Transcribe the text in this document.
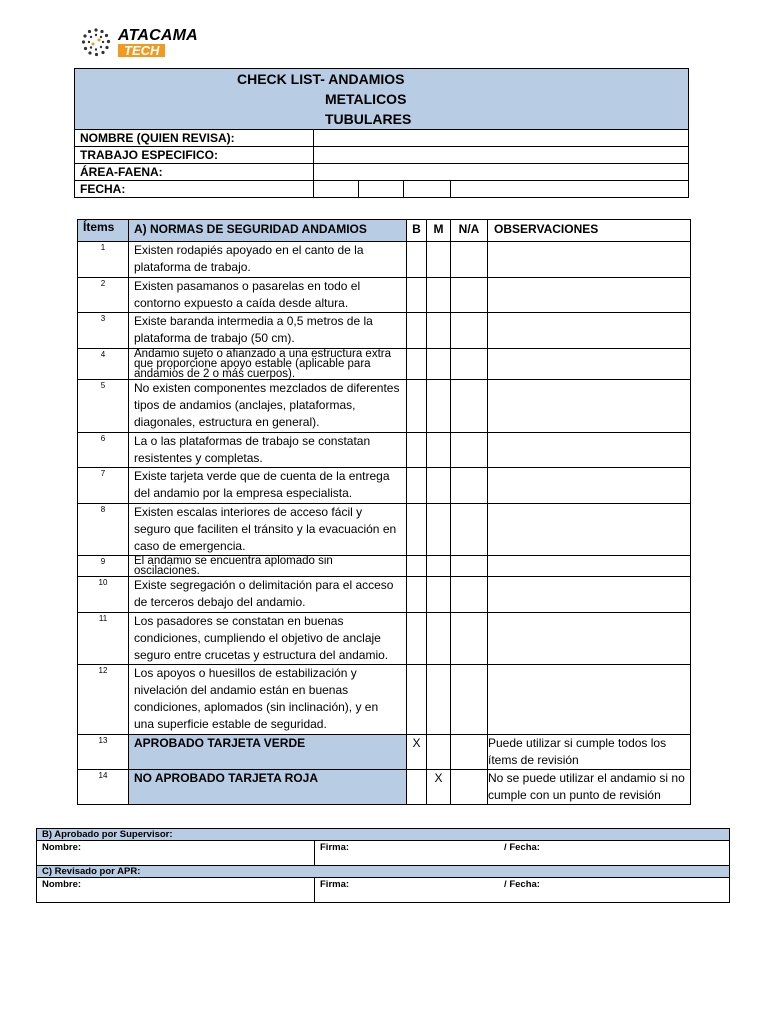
ATACAMA
TECH
CHECK LIST- ANDAMIOS
METALICOS
TUBULARES				

NOMBRE (QUIEN REVISA):				
TRABAJO ESPECIFICO:				
ÁREA-FAENA:				
FECHA:				
Ítems	A) NORMAS DE SEGURIDAD ANDAMIOS	B	M	N/A	OBSERVACIONES
1	Existen rodapiés apoyado en el canto de la plataforma de trabajo.				
2	Existen pasamanos o pasarelas en todo el contorno expuesto a caída desde altura.				
3	Existe baranda intermedia a 0,5 metros de la plataforma de trabajo (50 cm).				
4	Andamio sujeto o afianzado a una estructura extra que proporcione apoyo estable (aplicable para andamios de 2 o más cuerpos).				
5	No existen componentes mezclados de diferentes tipos de andamios (anclajes, plataformas, diagonales, estructura en general).				
6	La o las plataformas de trabajo se constatan resistentes y completas.				
7	Existe tarjeta verde que de cuenta de la entrega del andamio por la empresa especialista.				
8	Existen escalas interiores de acceso fácil y seguro que faciliten el tránsito y la evacuación en caso de emergencia.				
9	El andamio se encuentra aplomado sin oscilaciones.				
10	Existe segregación o delimitación para el acceso de terceros debajo del andamio.				
11	Los pasadores se constatan en buenas condiciones, cumpliendo el objetivo de anclaje seguro entre crucetas y estructura del andamio.				
12	Los apoyos o huesillos de estabilización y nivelación del andamio están en buenas condiciones, aplomados (sin inclinación), y en una superficie estable de seguridad.				
13	APROBADO TARJETA VERDE	X			Puede utilizar si cumple todos los ítems de revisión
14	NO APROBADO TARJETA ROJA		X		No se puede utilizar el andamio si no cumple con un punto de revisión
B) Aprobado por Supervisor:	
Nombre:	Firma: / Fecha:
C) Revisado por APR:	
Nombre:	Firma: / Fecha:
